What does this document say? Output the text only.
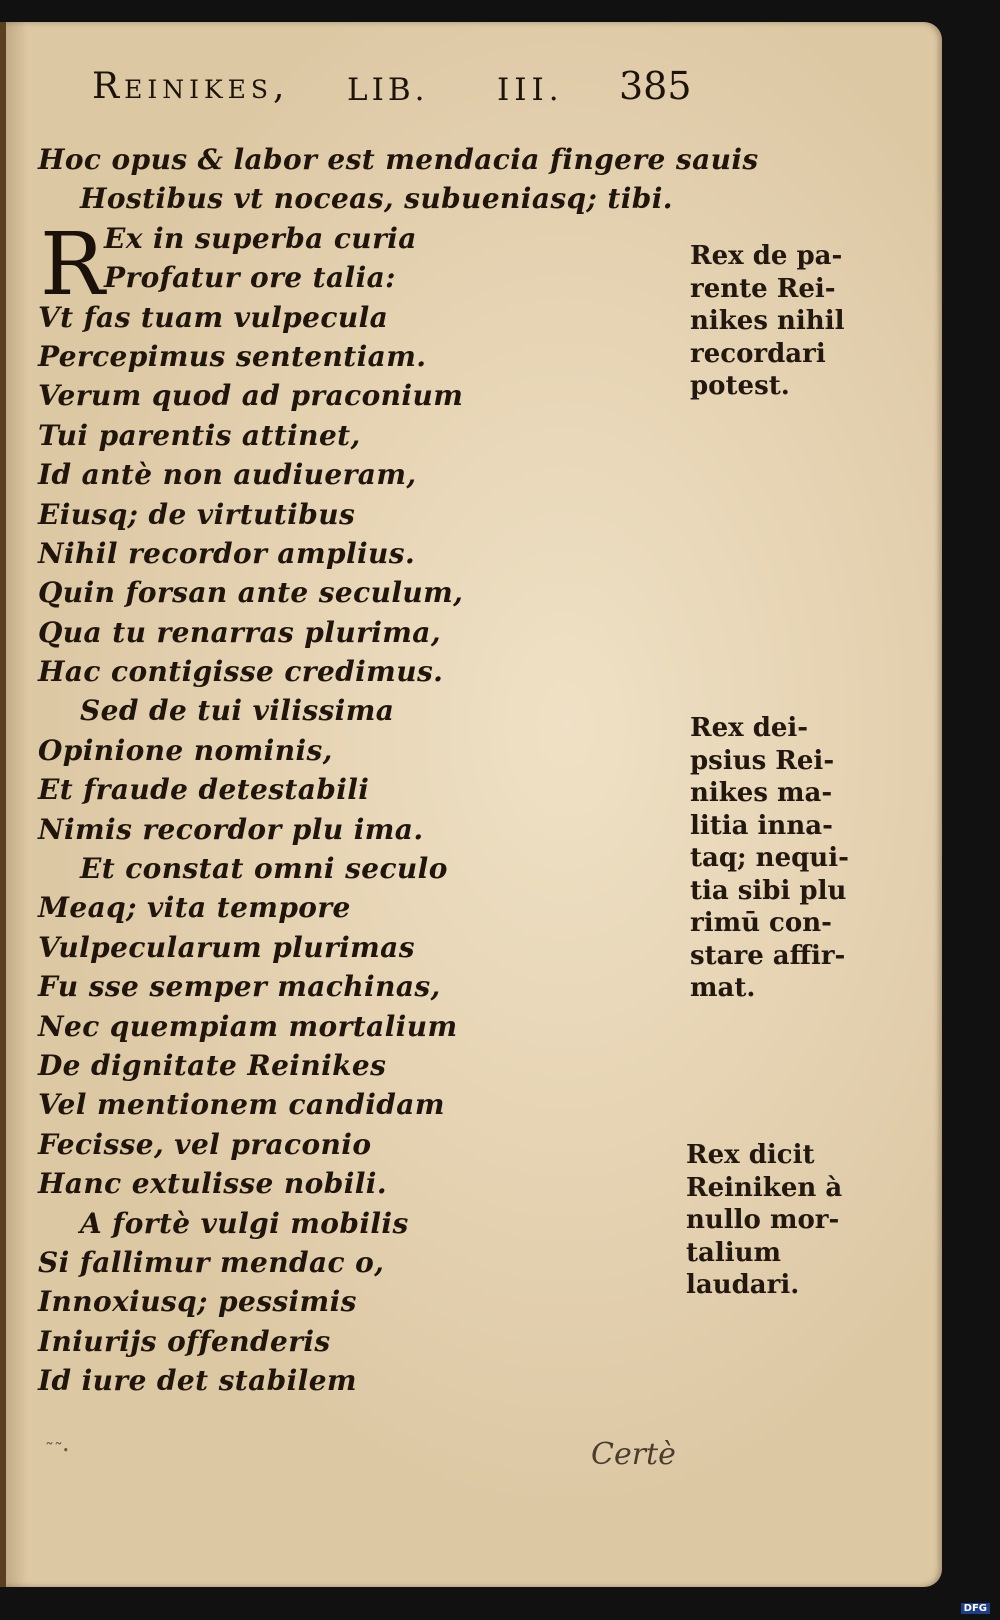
Reinikes, LIB. III. 385
R
Hoc opus & labor est mendacia fingere sauis
Hostibus vt noceas, subueniasq; tibi.
Ex in superba curia
Profatur ore talia:
Vt fas tuam vulpecula
Percepimus sententiam.
Verum quod ad praconium
Tui parentis attinet,
Id antè non audiueram,
Eiusq; de virtutibus
Nihil recordor amplius.
Quin forsan ante seculum,
Qua tu renarras plurima,
Hac contigisse credimus.
Sed de tui vilissima
Opinione nominis,
Et fraude detestabili
Nimis recordor plu ima.
Et constat omni seculo
Meaq; vita tempore
Vulpecularum plurimas
Fu sse semper machinas,
Nec quempiam mortalium
De dignitate Reinikes
Vel mentionem candidam
Fecisse, vel praconio
Hanc extulisse nobili.
A fortè vulgi mobilis
Si fallimur mendac o,
Innoxiusq; pessimis
Iniurijs offenderis
Id iure det stabilem
Rex de pa-
rente Rei-
nikes nihil
recordari
potest.
Rex dei-
psius Rei-
nikes ma-
litia inna-
taq; nequi-
tia sibi plu
rimū con-
stare affir-
mat.
Rex dicit
Reiniken à
nullo mor-
talium
laudari.
˜˜ꞏ	Certè
Digitalisierung gefördert durch die Deutsche Forschungsgemeinschaft - DFG
